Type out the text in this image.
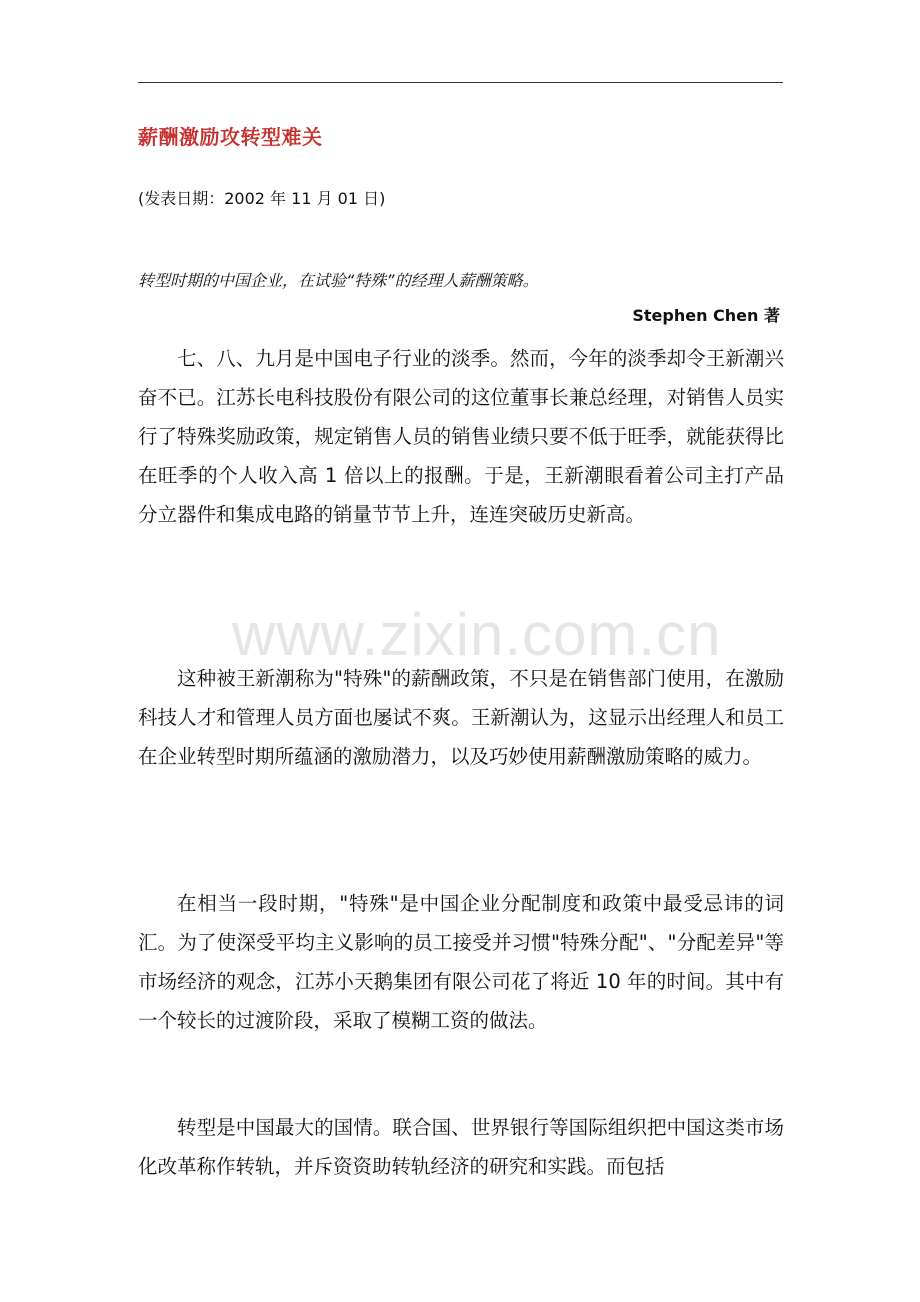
薪酬激励攻转型难关
(发表日期：2002 年 11 月 01 日)
转型时期的中国企业，在试验“特殊”的经理人薪酬策略。
Stephen Chen 著

七、八、九月是中国电子行业的淡季。然而，今年的淡季却令王新潮兴奋不已。江苏长电科技股份有限公司的这位董事长兼总经理，对销售人员实行了特殊奖励政策，规定销售人员的销售业绩只要不低于旺季，就能获得比在旺季的个人收入高 1 倍以上的报酬。于是，王新潮眼看着公司主打产品分立器件和集成电路的销量节节上升，连连突破历史新高。

这种被王新潮称为"特殊"的薪酬政策，不只是在销售部门使用，在激励科技人才和管理人员方面也屡试不爽。王新潮认为，这显示出经理人和员工在企业转型时期所蕴涵的激励潜力，以及巧妙使用薪酬激励策略的威力。

在相当一段时期，"特殊"是中国企业分配制度和政策中最受忌讳的词汇。为了使深受平均主义影响的员工接受并习惯"特殊分配"、"分配差异"等市场经济的观念，江苏小天鹅集团有限公司花了将近 10 年的时间。其中有一个较长的过渡阶段，采取了模糊工资的做法。

转型是中国最大的国情。联合国、世界银行等国际组织把中国这类市场化改革称作转轨，并斥资资助转轨经济的研究和实践。而包括

www.zixin.com.cn
